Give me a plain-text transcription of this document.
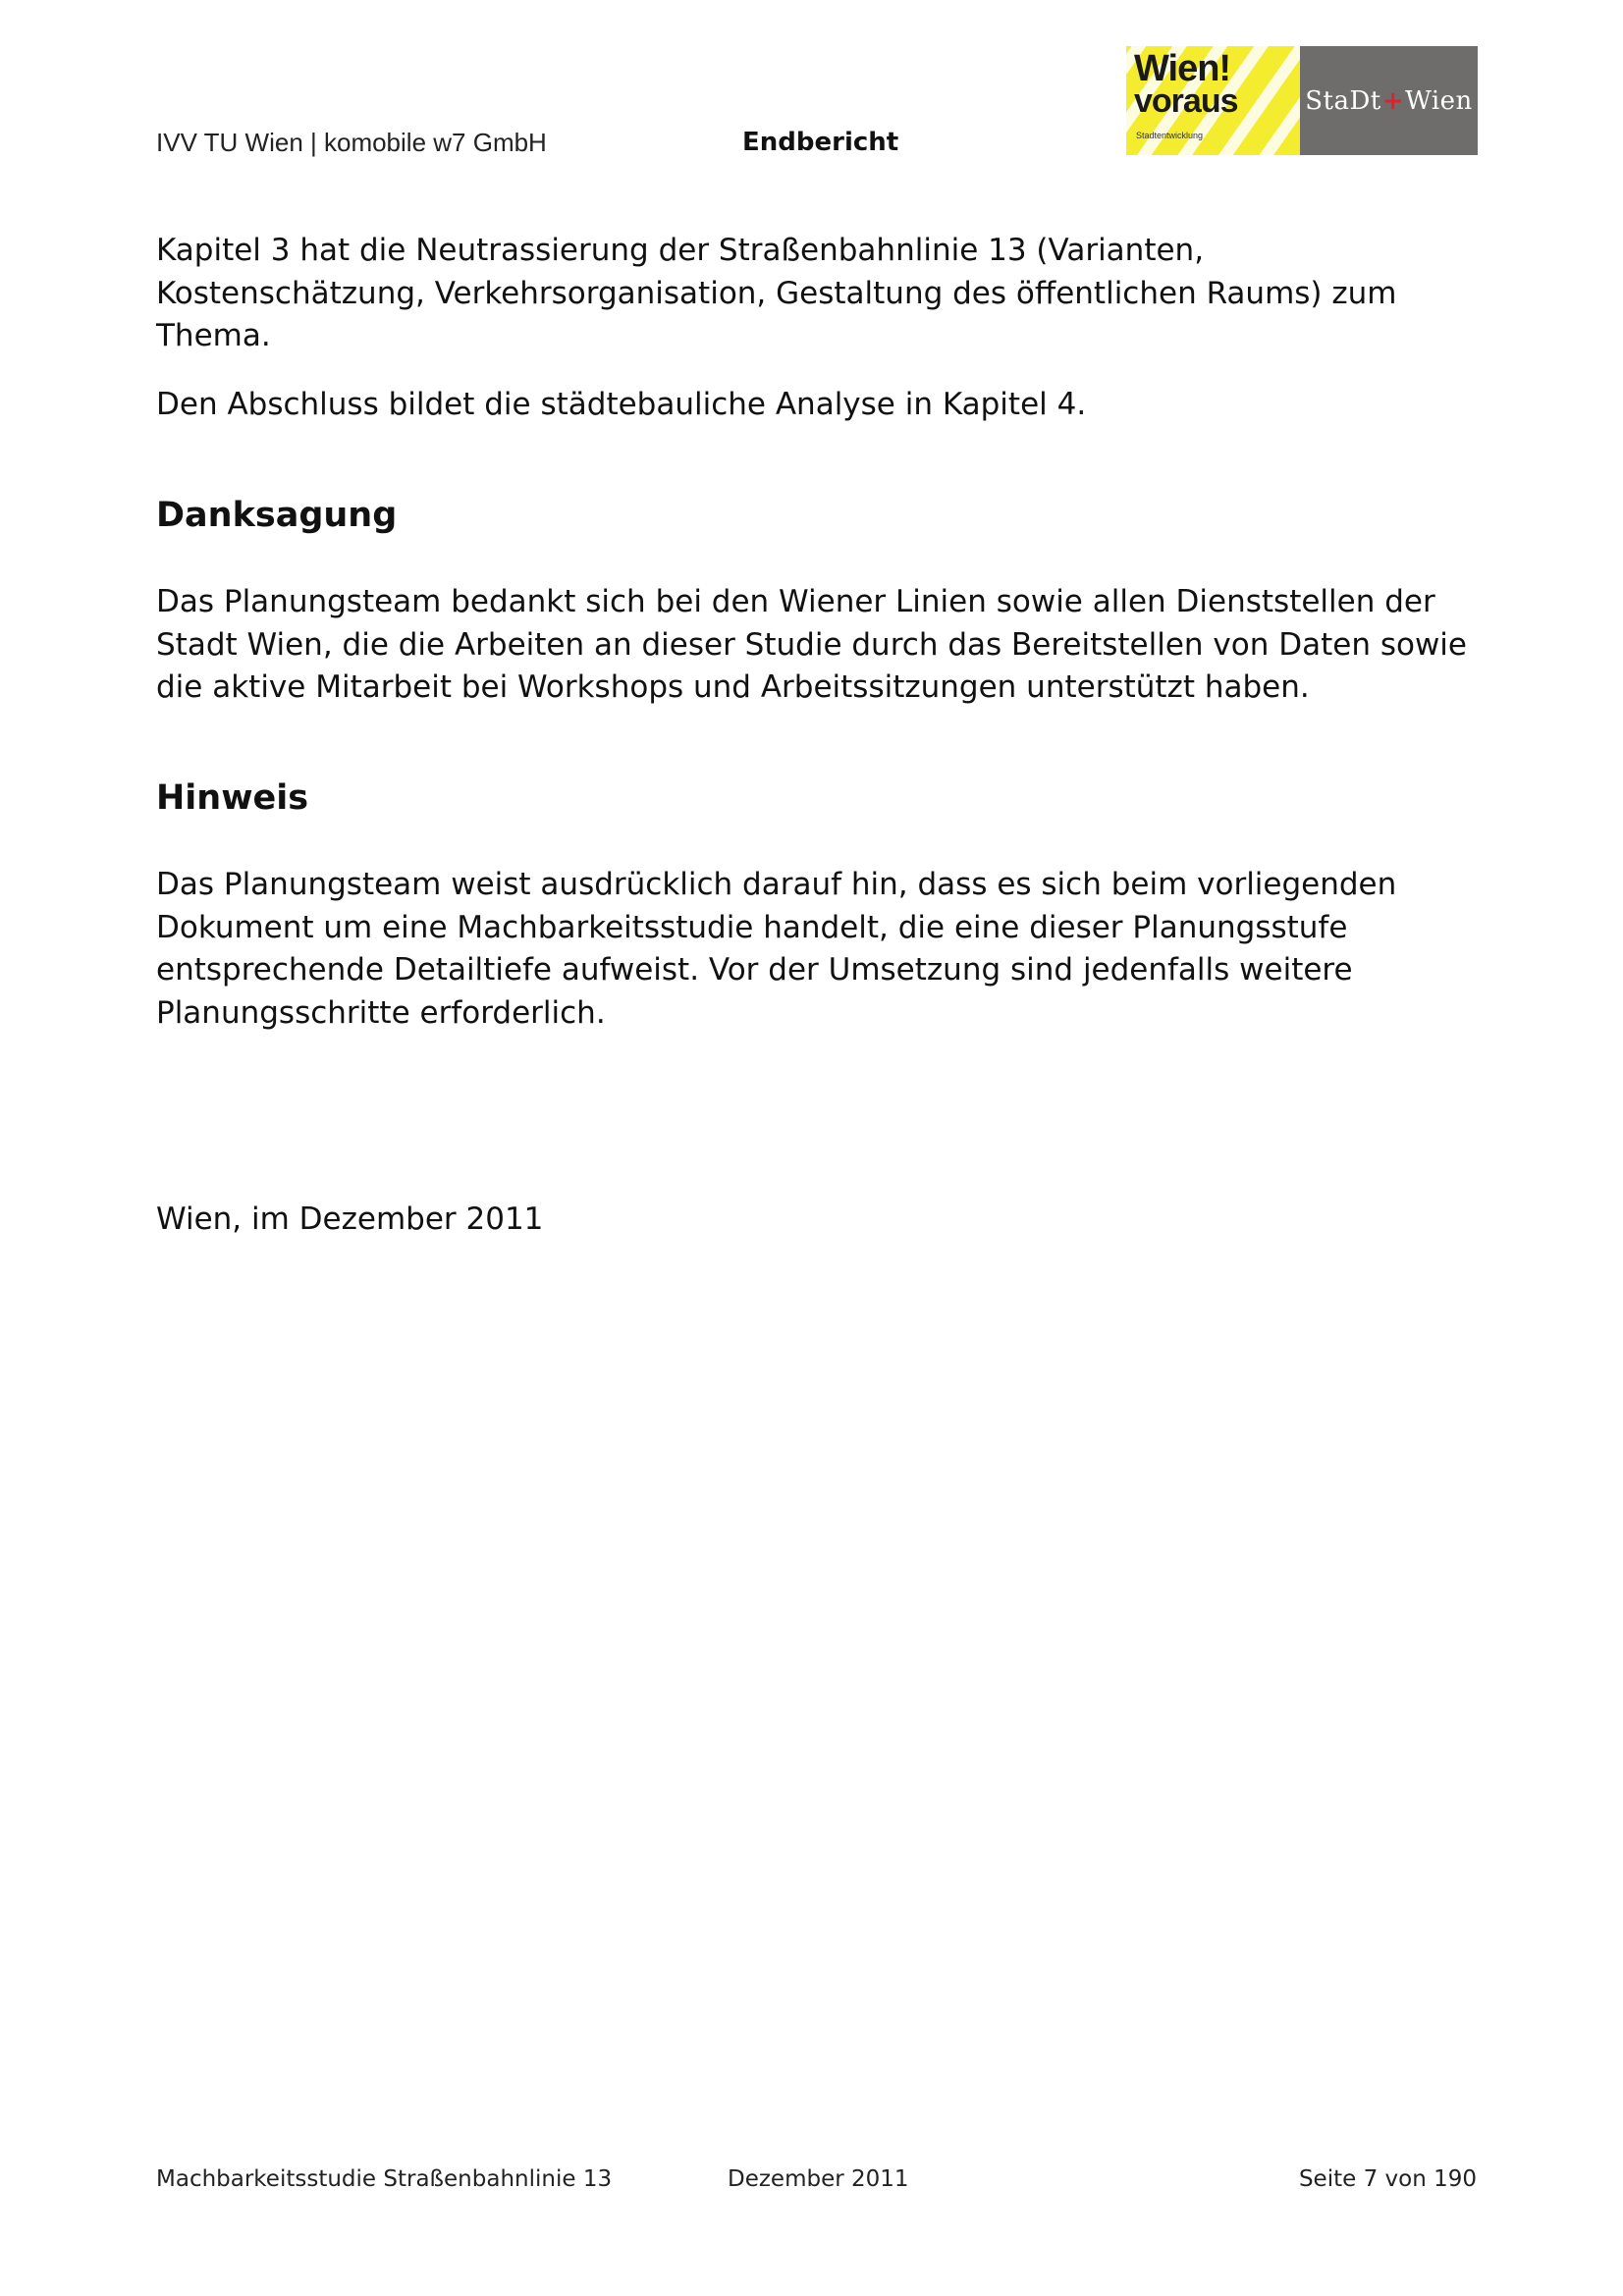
IVV TU Wien | komobile w7 GmbH	Endbericht
Wien!
voraus
Stadtentwicklung
StaDt + Wien
Kapitel 3 hat die Neutrassierung der Straßenbahnlinie 13 (Varianten,
Kostenschätzung, Verkehrsorganisation, Gestaltung des öffentlichen Raums) zum
Thema.
Den Abschluss bildet die städtebauliche Analyse in Kapitel 4.
Danksagung
Das Planungsteam bedankt sich bei den Wiener Linien sowie allen Dienststellen der
Stadt Wien, die die Arbeiten an dieser Studie durch das Bereitstellen von Daten sowie
die aktive Mitarbeit bei Workshops und Arbeitssitzungen unterstützt haben.
Hinweis
Das Planungsteam weist ausdrücklich darauf hin, dass es sich beim vorliegenden
Dokument um eine Machbarkeitsstudie handelt, die eine dieser Planungsstufe
entsprechende Detailtiefe aufweist. Vor der Umsetzung sind jedenfalls weitere
Planungsschritte erforderlich.
Wien, im Dezember 2011
Machbarkeitsstudie Straßenbahnlinie 13	Dezember 2011	Seite 7 von 190
